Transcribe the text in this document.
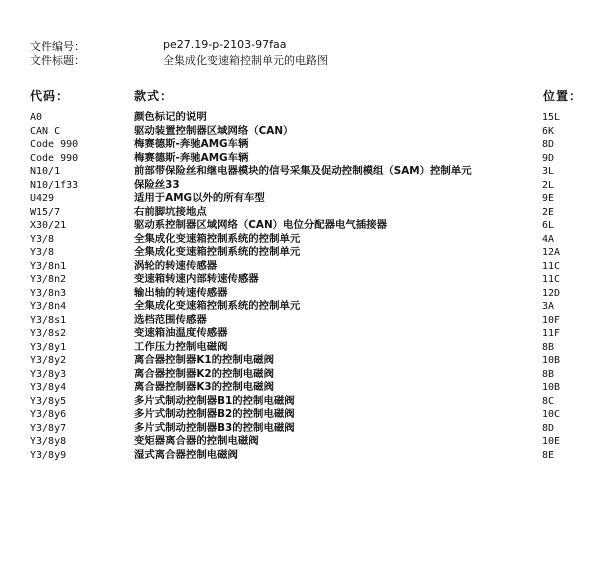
文件编号：	pe27.19-p-2103-97faa
文件标题：	全集成化变速箱控制单元的电路图
代码：	款式：	位置：
A0	颜色标记的说明	15L
CAN C	驱动装置控制器区域网络（CAN）	6K
Code 990	梅赛德斯-奔驰AMG车辆	8D
Code 990	梅赛德斯-奔驰AMG车辆	9D
N10/1	前部带保险丝和继电器模块的信号采集及促动控制模组（SAM）控制单元	3L
N10/1f33	保险丝33	2L
U429	适用于AMG以外的所有车型	9E
W15/7	右前脚坑接地点	2E
X30/21	驱动系控制器区域网络（CAN）电位分配器电气插接器	6L
Y3/8	全集成化变速箱控制系统的控制单元	4A
Y3/8	全集成化变速箱控制系统的控制单元	12A
Y3/8n1	涡轮的转速传感器	11C
Y3/8n2	变速箱转速内部转速传感器	11C
Y3/8n3	输出轴的转速传感器	12D
Y3/8n4	全集成化变速箱控制系统的控制单元	3A
Y3/8s1	选档范围传感器	10F
Y3/8s2	变速箱油温度传感器	11F
Y3/8y1	工作压力控制电磁阀	8B
Y3/8y2	离合器控制器K1的控制电磁阀	10B
Y3/8y3	离合器控制器K2的控制电磁阀	8B
Y3/8y4	离合器控制器K3的控制电磁阀	10B
Y3/8y5	多片式制动控制器B1的控制电磁阀	8C
Y3/8y6	多片式制动控制器B2的控制电磁阀	10C
Y3/8y7	多片式制动控制器B3的控制电磁阀	8D
Y3/8y8	变矩器离合器的控制电磁阀	10E
Y3/8y9	湿式离合器控制电磁阀	8E
